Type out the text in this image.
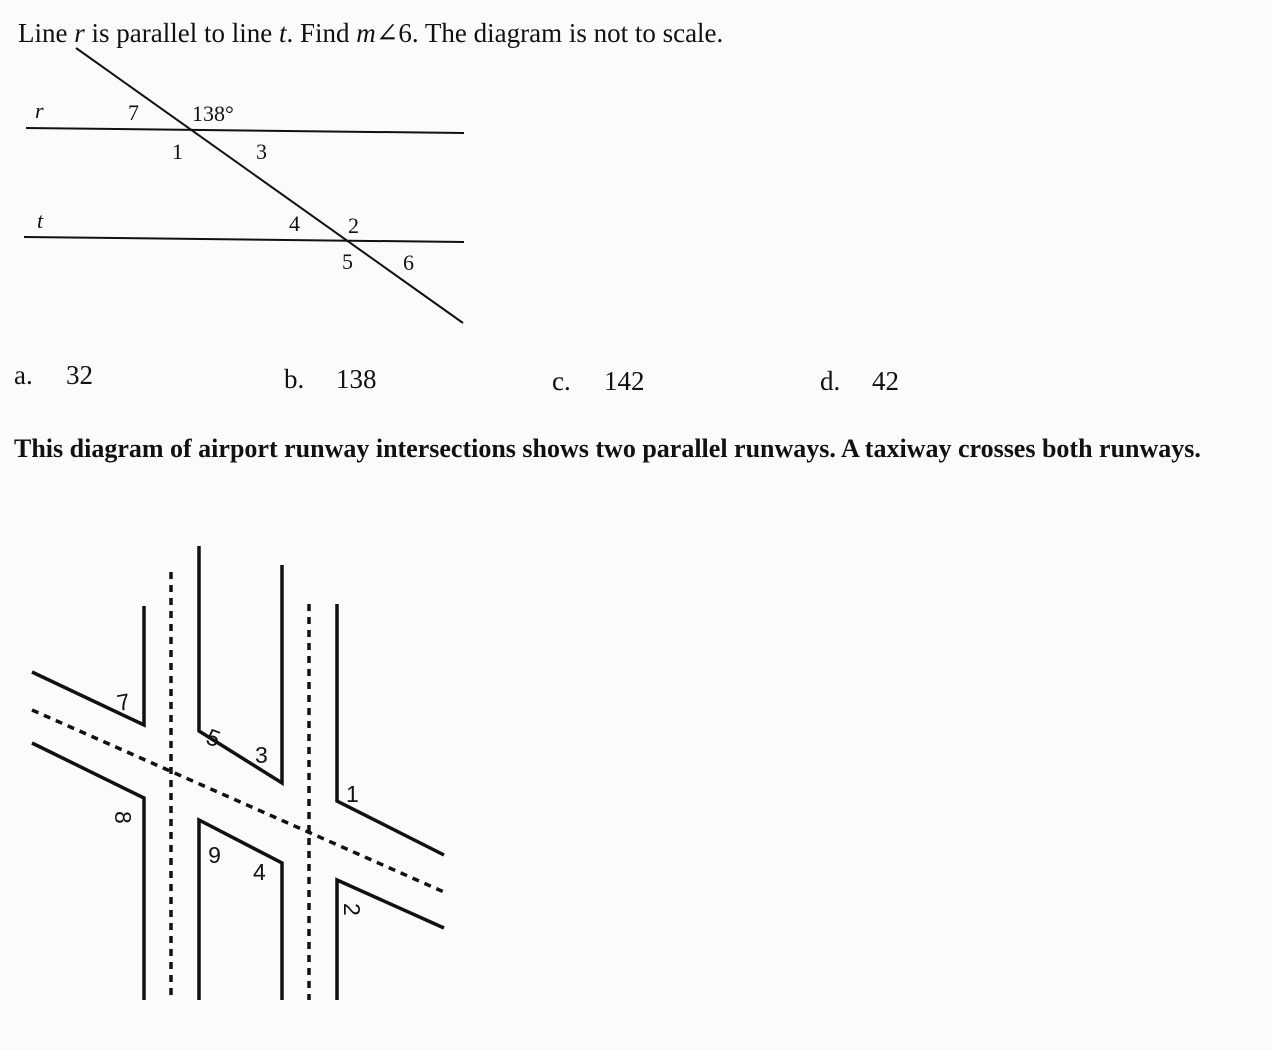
Line r is parallel to line t. Find m∠6. The diagram is not to scale.
r
t
138°
7
1	3
4 2
5 6
a. 32	b. 138	c. 142	d. 42
This diagram of airport runway intersections shows two parallel runways. A taxiway crosses both runways.
7
5
3
1
8
6
4
2
